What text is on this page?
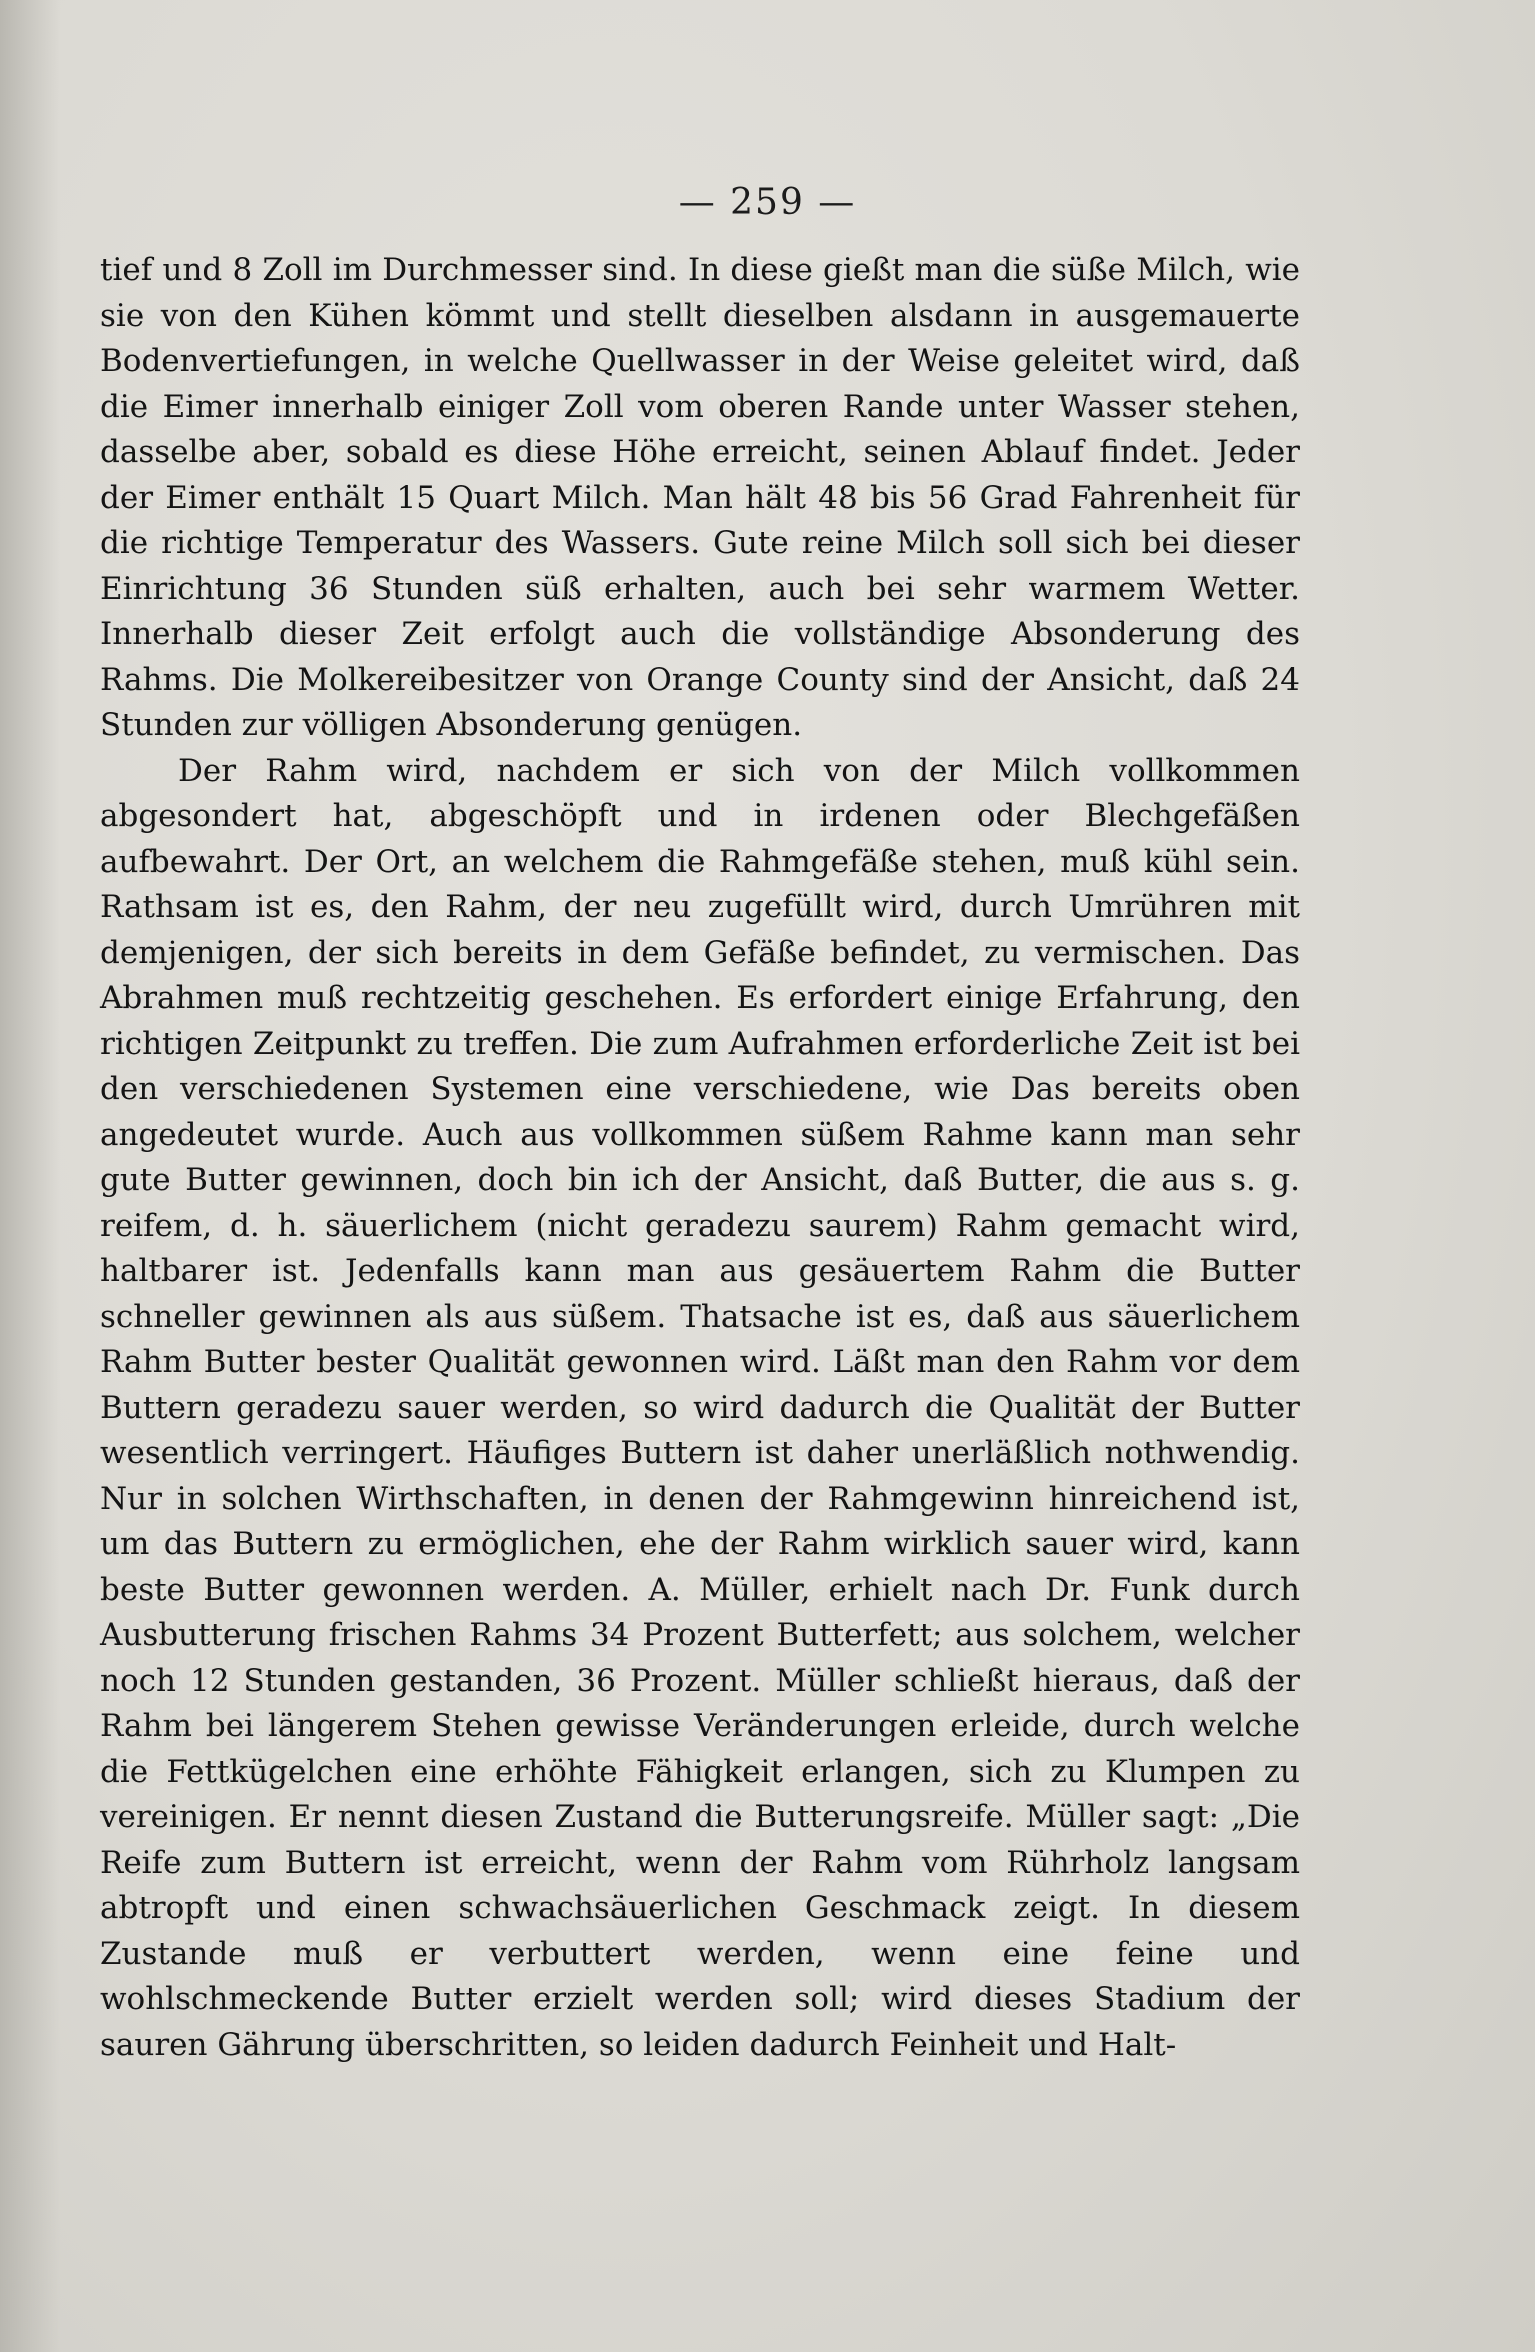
— 259 —

tief und 8 Zoll im Durchmesser sind. In diese gießt man die süße Milch, wie sie von den Kühen kömmt und stellt dieselben alsdann in ausgemauerte Bodenvertiefungen, in welche Quellwasser in der Weise geleitet wird, daß die Eimer innerhalb einiger Zoll vom oberen Rande unter Wasser stehen, dasselbe aber, sobald es diese Höhe erreicht, seinen Ablauf findet. Jeder der Eimer enthält 15 Quart Milch. Man hält 48 bis 56 Grad Fahrenheit für die richtige Temperatur des Wassers. Gute reine Milch soll sich bei dieser Einrichtung 36 Stunden süß erhalten, auch bei sehr warmem Wetter. Innerhalb dieser Zeit erfolgt auch die vollständige Absonderung des Rahms. Die Molkereibesitzer von Orange County sind der Ansicht, daß 24 Stunden zur völligen Absonderung genügen.

Der Rahm wird, nachdem er sich von der Milch vollkommen abgesondert hat, abgeschöpft und in irdenen oder Blechgefäßen aufbewahrt. Der Ort, an welchem die Rahmgefäße stehen, muß kühl sein. Rathsam ist es, den Rahm, der neu zugefüllt wird, durch Umrühren mit demjenigen, der sich bereits in dem Gefäße befindet, zu vermischen. Das Abrahmen muß rechtzeitig geschehen. Es erfordert einige Erfahrung, den richtigen Zeitpunkt zu treffen. Die zum Aufrahmen erforderliche Zeit ist bei den verschiedenen Systemen eine verschiedene, wie Das bereits oben angedeutet wurde. Auch aus vollkommen süßem Rahme kann man sehr gute Butter gewinnen, doch bin ich der Ansicht, daß Butter, die aus s. g. reifem, d. h. säuerlichem (nicht geradezu saurem) Rahm gemacht wird, haltbarer ist. Jedenfalls kann man aus gesäuertem Rahm die Butter schneller gewinnen als aus süßem. Thatsache ist es, daß aus säuerlichem Rahm Butter bester Qualität gewonnen wird. Läßt man den Rahm vor dem Buttern geradezu sauer werden, so wird dadurch die Qualität der Butter wesentlich verringert. Häufiges Buttern ist daher unerläßlich nothwendig. Nur in solchen Wirthschaften, in denen der Rahmgewinn hinreichend ist, um das Buttern zu ermöglichen, ehe der Rahm wirklich sauer wird, kann beste Butter gewonnen werden. A. Müller, erhielt nach Dr. Funk durch Ausbutterung frischen Rahms 34 Prozent Butterfett; aus solchem, welcher noch 12 Stunden gestanden, 36 Prozent. Müller schließt hieraus, daß der Rahm bei längerem Stehen gewisse Veränderungen erleide, durch welche die Fettkügelchen eine erhöhte Fähigkeit erlangen, sich zu Klumpen zu vereinigen. Er nennt diesen Zustand die Butterungsreife. Müller sagt: „Die Reife zum Buttern ist erreicht, wenn der Rahm vom Rührholz langsam abtropft und einen schwachsäuerlichen Geschmack zeigt. In diesem Zustande muß er verbuttert werden, wenn eine feine und wohlschmeckende Butter erzielt werden soll; wird dieses Stadium der sauren Gährung überschritten, so leiden dadurch Feinheit und Halt-
